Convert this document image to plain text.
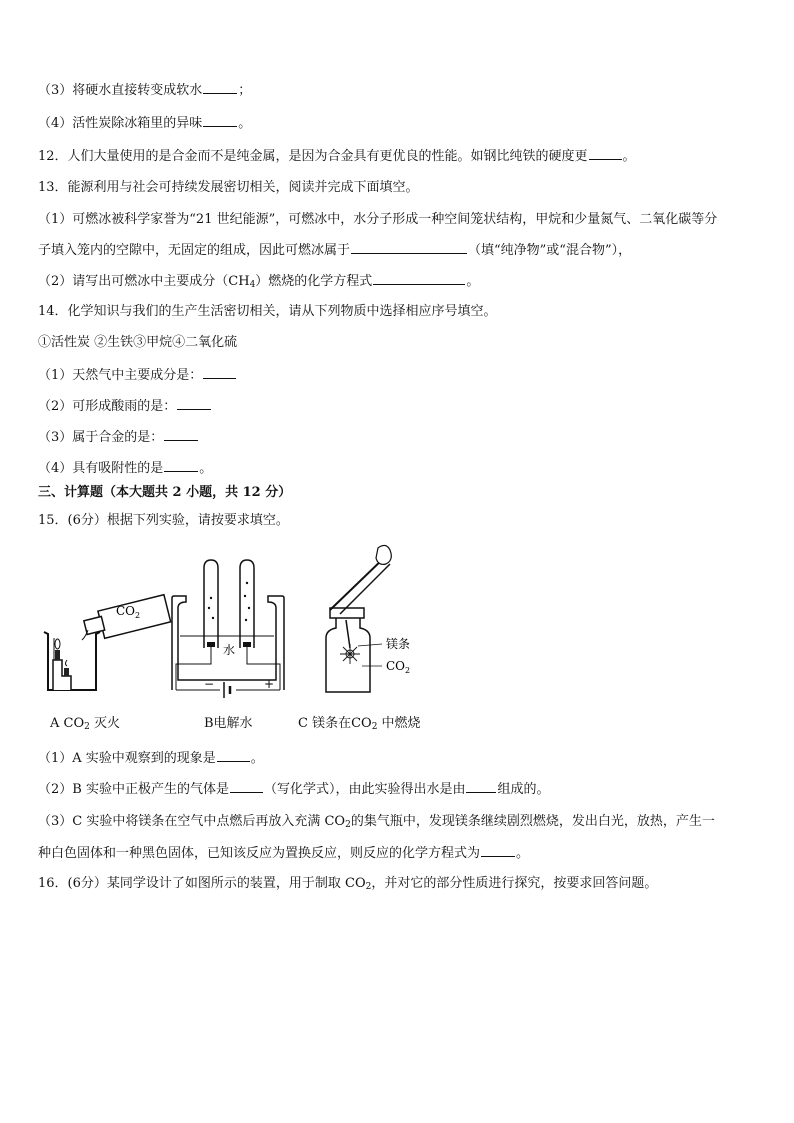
（3）将硬水直接转变成软水	；
（4）活性炭除冰箱里的异味	。
12．人们大量使用的是合金而不是纯金属，是因为合金具有更优良的性能。如钢比纯铁的硬度更	。
13．能源利用与社会可持续发展密切相关，阅读并完成下面填空。
（1）可燃冰被科学家誉为“21 世纪能源”，可燃冰中，水分子形成一种空间笼状结构，甲烷和少量氮气、二氧化碳等分
子填入笼内的空隙中，无固定的组成，因此可燃冰属于	（填“纯净物”或“混合物”），
（2）请写出可燃冰中主要成分$(CH_4)$燃烧的化学方程式	。
14．化学知识与我们的生产生活密切相关，请从下列物质中选择相应序号填空。
①活性炭 ②生铁③甲烷④二氧化硫
（1）天然气中主要成分是：
（2）可形成酸雨的是：
（3）属于合金的是：
（4）具有吸附性的是	。
三、计算题（本大题共 2 小题，共 12 分）
15．(6分）根据下列实验，请按要求填空。
$CO_2$
水
−	+
镁条
$CO_2$
A $CO_2$ 灭火	B电解水	C 镁条在$CO_2$ 中燃烧
（1）A 实验中观察到的现象是	。
（2）B 实验中正极产生的气体是	（写化学式），由此实验得出水是由 组成的。
（3）C 实验中将镁条在空气中点燃后再放入充满 $CO_2$的集气瓶中，发现镁条继续剧烈燃烧，发出白光，放热，产生一
种白色固体和一种黑色固体，已知该反应为置换反应，则反应的化学方程式为	。
16．(6分）某同学设计了如图所示的装置，用于制取 $CO_2$，并对它的部分性质进行探究，按要求回答问题。
